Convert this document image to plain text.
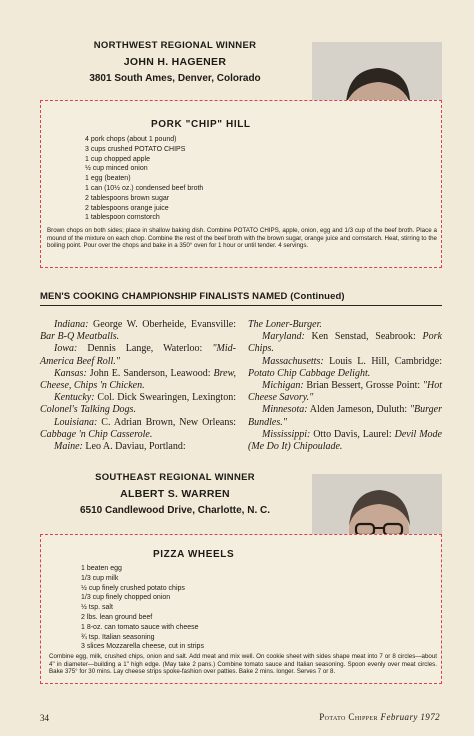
NORTHWEST REGIONAL WINNER
JOHN H. HAGENER
3801 South Ames, Denver, Colorado
PORK "CHIP" HILL
4 pork chops (about 1 pound)
3 cups crushed POTATO CHIPS
1 cup chopped apple
½ cup minced onion
1 egg (beaten)
1 can (10½ oz.) condensed beef broth
2 tablespoons brown sugar
2 tablespoons orange juice
1 tablespoon cornstorch

Brown chops on both sides; place in shallow baking dish. Combine POTATO CHIPS, apple, onion, egg and 1/3 cup of the beef broth. Place a mound of the mixture on each chop. Combine the rest of the beef broth with the brown sugar, orange juice and cornstarch. Heat, stirring to the boiling point. Pour over the chops and bake in a 350° oven for 1 hour or until tender. 4 servings.

MEN'S COOKING CHAMPIONSHIP FINALISTS NAMED (Continued)

Indiana: George W. Oberheide, Evansville: Bar B-Q Meatballs.

Iowa: Dennis Lange, Waterloo: "Mid-America Beef Roll."

Kansas: John E. Sanderson, Leawood: Brew, Cheese, Chips 'n Chicken.

Kentucky: Col. Dick Swearingen, Lexington: Colonel's Talking Dogs.

Louisiana: C. Adrian Brown, New Orleans: Cabbage 'n Chip Casserole.

Maine: Leo A. Daviau, Portland:

The Loner-Burger.

Maryland: Ken Senstad, Seabrook: Pork Chips.

Massachusetts: Louis L. Hill, Cambridge: Potato Chip Cabbage Delight.

Michigan: Brian Bessert, Grosse Point: "Hot Cheese Savory."

Minnesota: Alden Jameson, Duluth: "Burger Bundles."

Mississippi: Otto Davis, Laurel: Devil Mode (Me Do It) Chipoulade.

SOUTHEAST REGIONAL WINNER
ALBERT S. WARREN
6510 Candlewood Drive, Charlotte, N. C.
PIZZA WHEELS
1 beaten egg
1/3 cup milk
½ cup finely crushed potato chips
1/3 cup finely chopped onion
½ tsp. salt
2 lbs. lean ground beef
1 8-oz. can tomato sauce with cheese
¾ tsp. Italian seasoning
3 slices Mozzarella cheese, cut in strips

Combine egg, milk, crushed chips, onion and salt. Add meat and mix well. On cookie sheet with sides shape meat into 7 or 8 circles—about 4" in diameter—building a 1" high edge. (May take 2 pans.) Combine tomato sauce and Italian seasoning. Spoon evenly over meat circles. Bake 375° for 30 mins. Lay cheese strips spoke-fashion over patties. Bake 2 mins. longer. Serves 7 or 8.

34	Potato Chipper February 1972
